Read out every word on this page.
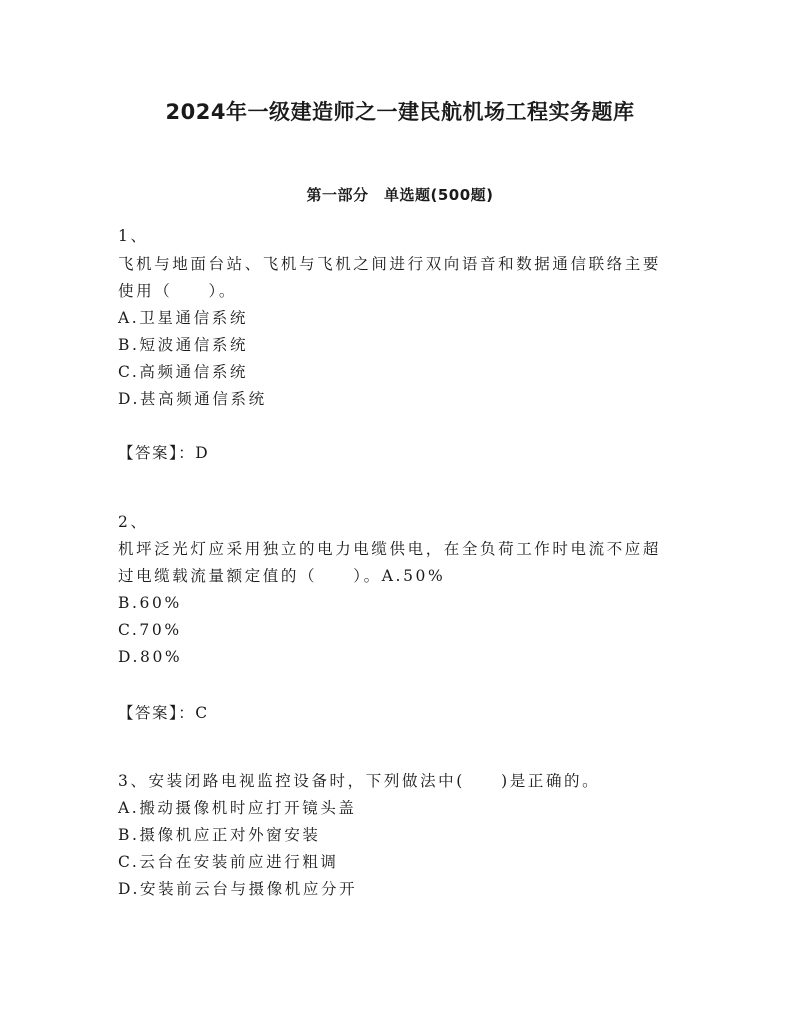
2024年一级建造师之一建民航机场工程实务题库
第一部分　单选题(500题)
1、
飞机与地面台站、飞机与飞机之间进行双向语音和数据通信联络主要
使用（　　）。
A.卫星通信系统
B.短波通信系统
C.高频通信系统
D.甚高频通信系统
【答案】：D
2、
机坪泛光灯应采用独立的电力电缆供电，在全负荷工作时电流不应超
过电缆载流量额定值的（　　）。A.50%
B.60%
C.70%
D.80%
【答案】：C
3、安装闭路电视监控设备时，下列做法中(　　)是正确的。
A.搬动摄像机时应打开镜头盖
B.摄像机应正对外窗安装
C.云台在安装前应进行粗调
D.安装前云台与摄像机应分开
